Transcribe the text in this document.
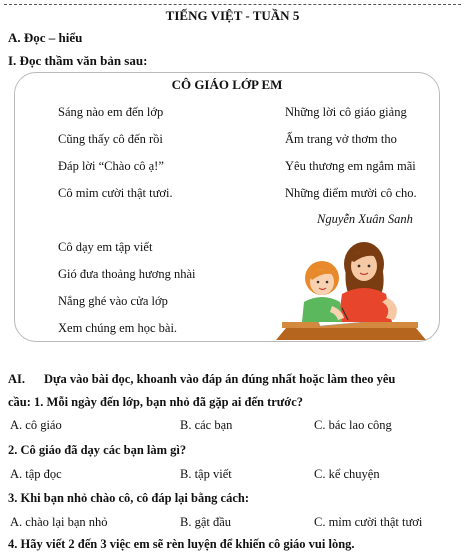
TIẾNG VIỆT - TUẦN 5
A. Đọc – hiểu
I. Đọc thầm văn bản sau:
CÔ GIÁO LỚP EM
Sáng nào em đến lớp
Cũng thấy cô đến rồi
Đáp lời “Chào cô ạ!”
Cô mỉm cười thật tươi.
Những lời cô giáo giảng
Ấm trang vở thơm tho
Yêu thương em ngắm mãi
Những điểm mười cô cho.
Nguyễn Xuân Sanh
Cô dạy em tập viết
Gió đưa thoảng hương nhài
Nắng ghé vào cửa lớp
Xem chúng em học bài.
AI. Dựa vào bài đọc, khoanh vào đáp án đúng nhất hoặc làm theo yêu
cầu: 1. Mỗi ngày đến lớp, bạn nhỏ đã gặp ai đến trước?
A. cô giáo	B. các bạn	C. bác lao công
2. Cô giáo đã dạy các bạn làm gì?
A. tập đọc	B. tập viết	C. kể chuyện
3. Khi bạn nhỏ chào cô, cô đáp lại bằng cách:
A. chào lại bạn nhỏ	B. gật đầu	C. mỉm cười thật tươi
4. Hãy viết 2 đến 3 việc em sẽ rèn luyện để khiến cô giáo vui lòng.
